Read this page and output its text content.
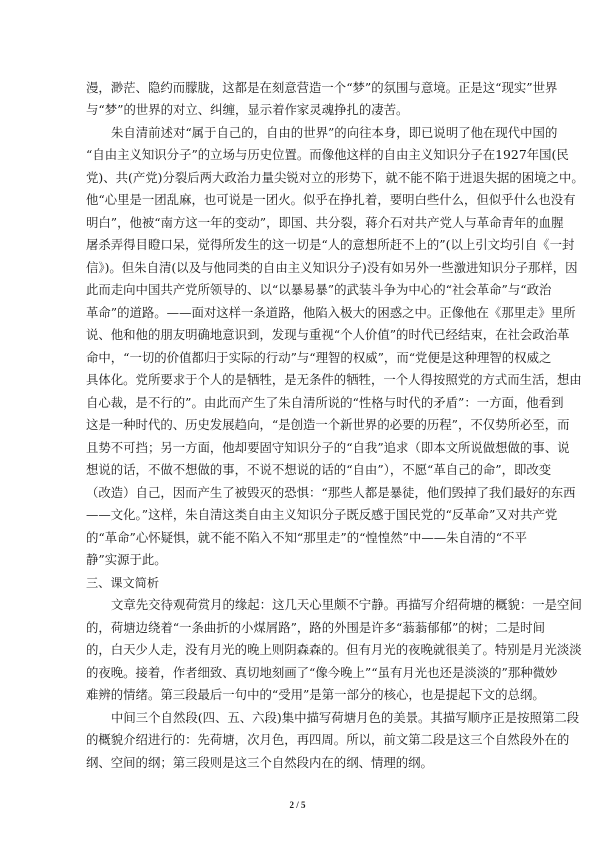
漫，渺茫、隐约而朦胧，这都是在刻意营造一个“梦”的氛围与意境。正是这“现实”世界
与“梦”的世界的对立、纠缠，显示着作家灵魂挣扎的凄苦。
朱自清前述对“属于自己的，自由的世界”的向往本身，即已说明了他在现代中国的
“自由主义知识分子”的立场与历史位置。而像他这样的自由主义知识分子在1927年国(民
党)、共(产党)分裂后两大政治力量尖锐对立的形势下，就不能不陷于进退失据的困境之中。
他“心里是一团乱麻，也可说是一团火。似乎在挣扎着，要明白些什么，但似乎什么也没有
明白”，他被“南方这一年的变动”，即国、共分裂，蒋介石对共产党人与革命青年的血腥
屠杀弄得目瞪口呆，觉得所发生的这一切是“人的意想所赶不上的”(以上引文均引自《一封
信》)。但朱自清(以及与他同类的自由主义知识分子)没有如另外一些激进知识分子那样，因
此而走向中国共产党所领导的、以“以暴易暴”的武装斗争为中心的“社会革命”与“政治
革命”的道路。——面对这样一条道路，他陷入极大的困惑之中。正像他在《那里走》里所
说、他和他的朋友明确地意识到，发现与重视“个人价值”的时代已经结束，在社会政治革
命中，“一切的价值都归于实际的行动”与“理智的权威”，而“党便是这种理智的权威之
具体化。党所要求于个人的是牺牲，是无条件的牺牲，一个人得按照党的方式而生活，想由
自心裁，是不行的”。由此而产生了朱自清所说的“性格与时代的矛盾”：一方面，他看到
这是一种时代的、历史发展趋向，“是创造一个新世界的必要的历程”，不仅势所必至，而
且势不可挡；另一方面，他却要固守知识分子的“自我”追求（即本文所说做想做的事、说
想说的话，不做不想做的事，不说不想说的话的“自由”），不愿“革自己的命”，即改变
（改造）自己，因而产生了被毁灭的恐惧：“那些人都是暴徒，他们毁掉了我们最好的东西
——文化。”这样，朱自清这类自由主义知识分子既反感于国民党的“反革命”又对共产党
的“革命”心怀疑惧，就不能不陷入不知“那里走”的“惶惶然”中——朱自清的“不平
静”实源于此。
三、课文简析
文章先交待观荷赏月的缘起：这几天心里颇不宁静。再描写介绍荷塘的概貌：一是空间
的，荷塘边绕着“一条曲折的小煤屑路”，路的外围是许多“蓊蓊郁郁”的树；二是时间
的，白天少人走，没有月光的晚上则阴森森的。但有月光的夜晚就很美了。特别是月光淡淡
的夜晚。接着，作者细致、真切地刻画了“像今晚上”“虽有月光也还是淡淡的”那种微妙
难辨的情绪。第三段最后一句中的“受用”是第一部分的核心，也是提起下文的总纲。
中间三个自然段(四、五、六段)集中描写荷塘月色的美景。其描写顺序正是按照第二段
的概貌介绍进行的：先荷塘，次月色，再四周。所以，前文第二段是这三个自然段外在的
纲、空间的纲；第三段则是这三个自然段内在的纲、情理的纲。
2 / 5
